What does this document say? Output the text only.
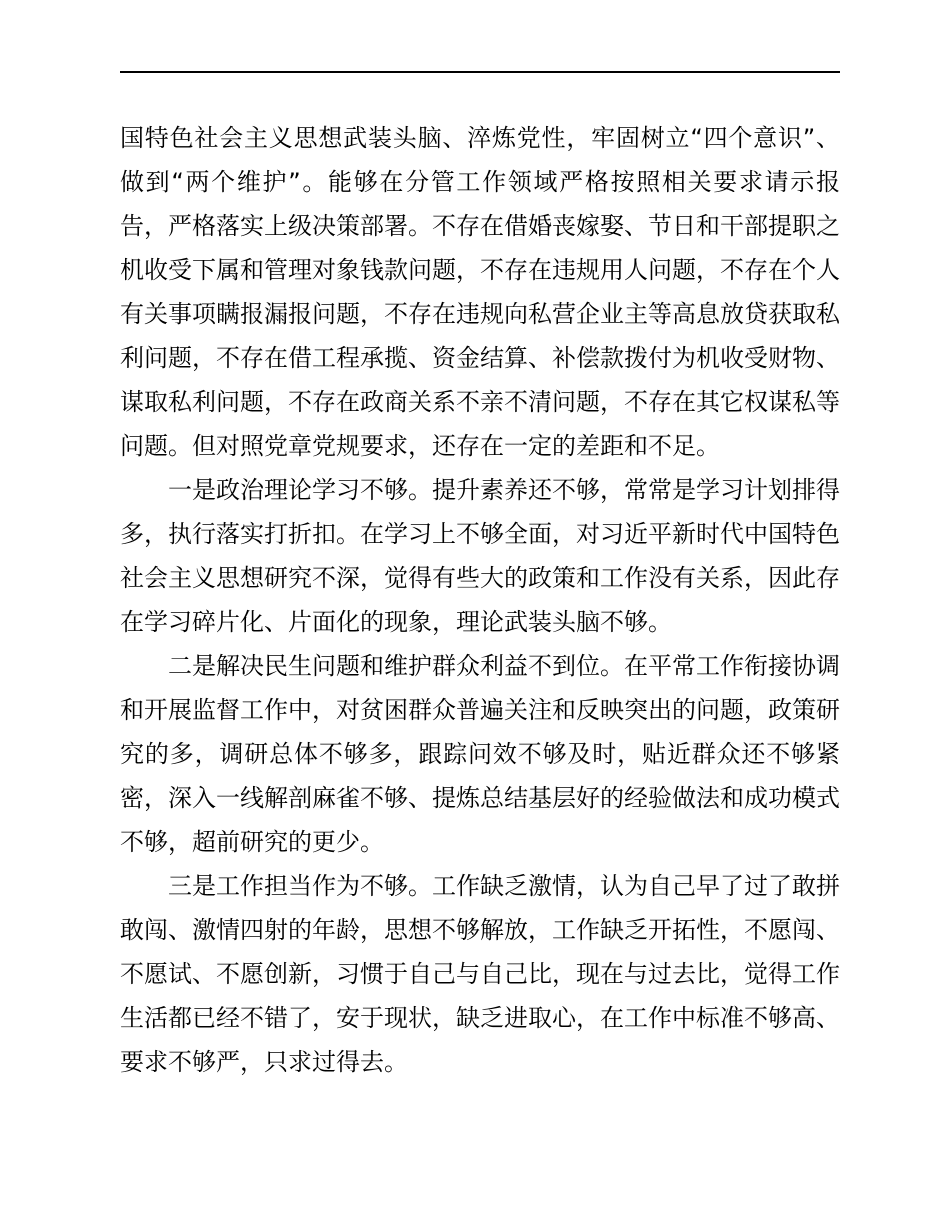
国特色社会主义思想武装头脑、淬炼党性，牢固树立“四个意识”、做到“两个维护”。能够在分管工作领域严格按照相关要求请示报告，严格落实上级决策部署。不存在借婚丧嫁娶、节日和干部提职之机收受下属和管理对象钱款问题，不存在违规用人问题，不存在个人有关事项瞒报漏报问题，不存在违规向私营企业主等高息放贷获取私利问题，不存在借工程承揽、资金结算、补偿款拨付为机收受财物、谋取私利问题，不存在政商关系不亲不清问题，不存在其它权谋私等问题。但对照党章党规要求，还存在一定的差距和不足。

一是政治理论学习不够。提升素养还不够，常常是学习计划排得多，执行落实打折扣。在学习上不够全面，对习近平新时代中国特色社会主义思想研究不深，觉得有些大的政策和工作没有关系，因此存在学习碎片化、片面化的现象，理论武装头脑不够。

二是解决民生问题和维护群众利益不到位。在平常工作衔接协调和开展监督工作中，对贫困群众普遍关注和反映突出的问题，政策研究的多，调研总体不够多，跟踪问效不够及时，贴近群众还不够紧密，深入一线解剖麻雀不够、提炼总结基层好的经验做法和成功模式不够，超前研究的更少。

三是工作担当作为不够。工作缺乏激情，认为自己早了过了敢拼敢闯、激情四射的年龄，思想不够解放，工作缺乏开拓性，不愿闯、不愿试、不愿创新，习惯于自己与自己比，现在与过去比，觉得工作生活都已经不错了，安于现状，缺乏进取心，在工作中标准不够高、要求不够严，只求过得去。
